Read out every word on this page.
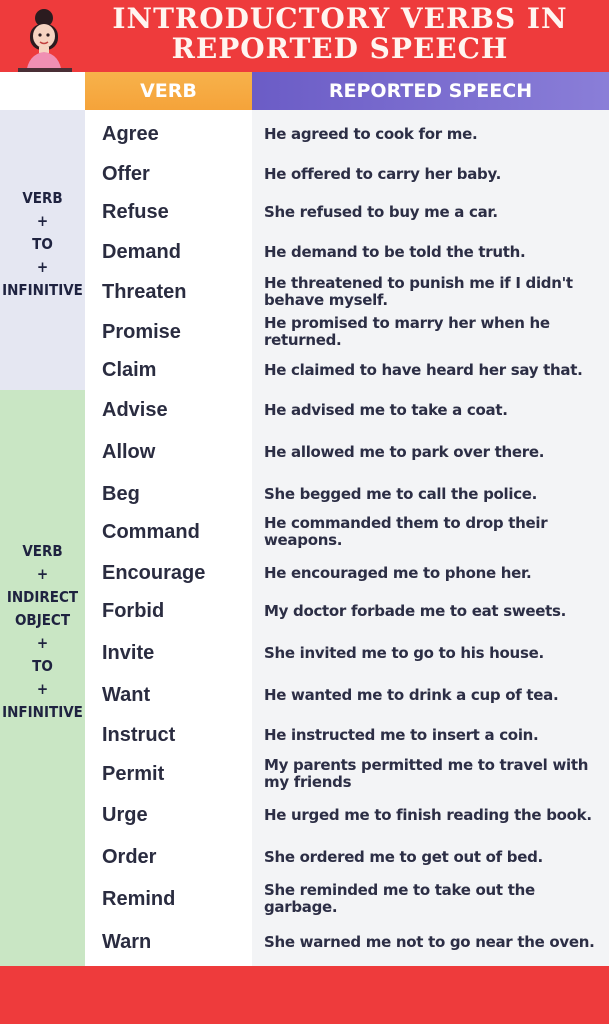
INTRODUCTORY VERBS IN
REPORTED SPEECH
VERB	REPORTED SPEECH
VERB
+
TO
+
INFINITIVE
VERB
+
INDIRECT
OBJECT
+
TO
+
INFINITIVE
Agree	He agreed to cook for me.
Offer	He offered to carry her baby.
Refuse	She refused to buy me a car.
Demand	He demand to be told the truth.
Threaten	He threatened to punish me if I didn't behave myself.
Promise	He promised to marry her when he returned.
Claim	He claimed to have heard her say that.
Advise	He advised me to take a coat.
Allow	He allowed me to park over there.
Beg	She begged me to call the police.
Command	He commanded them to drop their weapons.
Encourage	He encouraged me to phone her.
Forbid	My doctor forbade me to eat sweets.
Invite	She invited me to go to his house.
Want	He wanted me to drink a cup of tea.
Instruct	He instructed me to insert a coin.
Permit	My parents permitted me to travel with my friends
Urge	He urged me to finish reading the book.
Order	She ordered me to get out of bed.
Remind	She reminded me to take out the garbage.
Warn	She warned me not to go near the oven.
